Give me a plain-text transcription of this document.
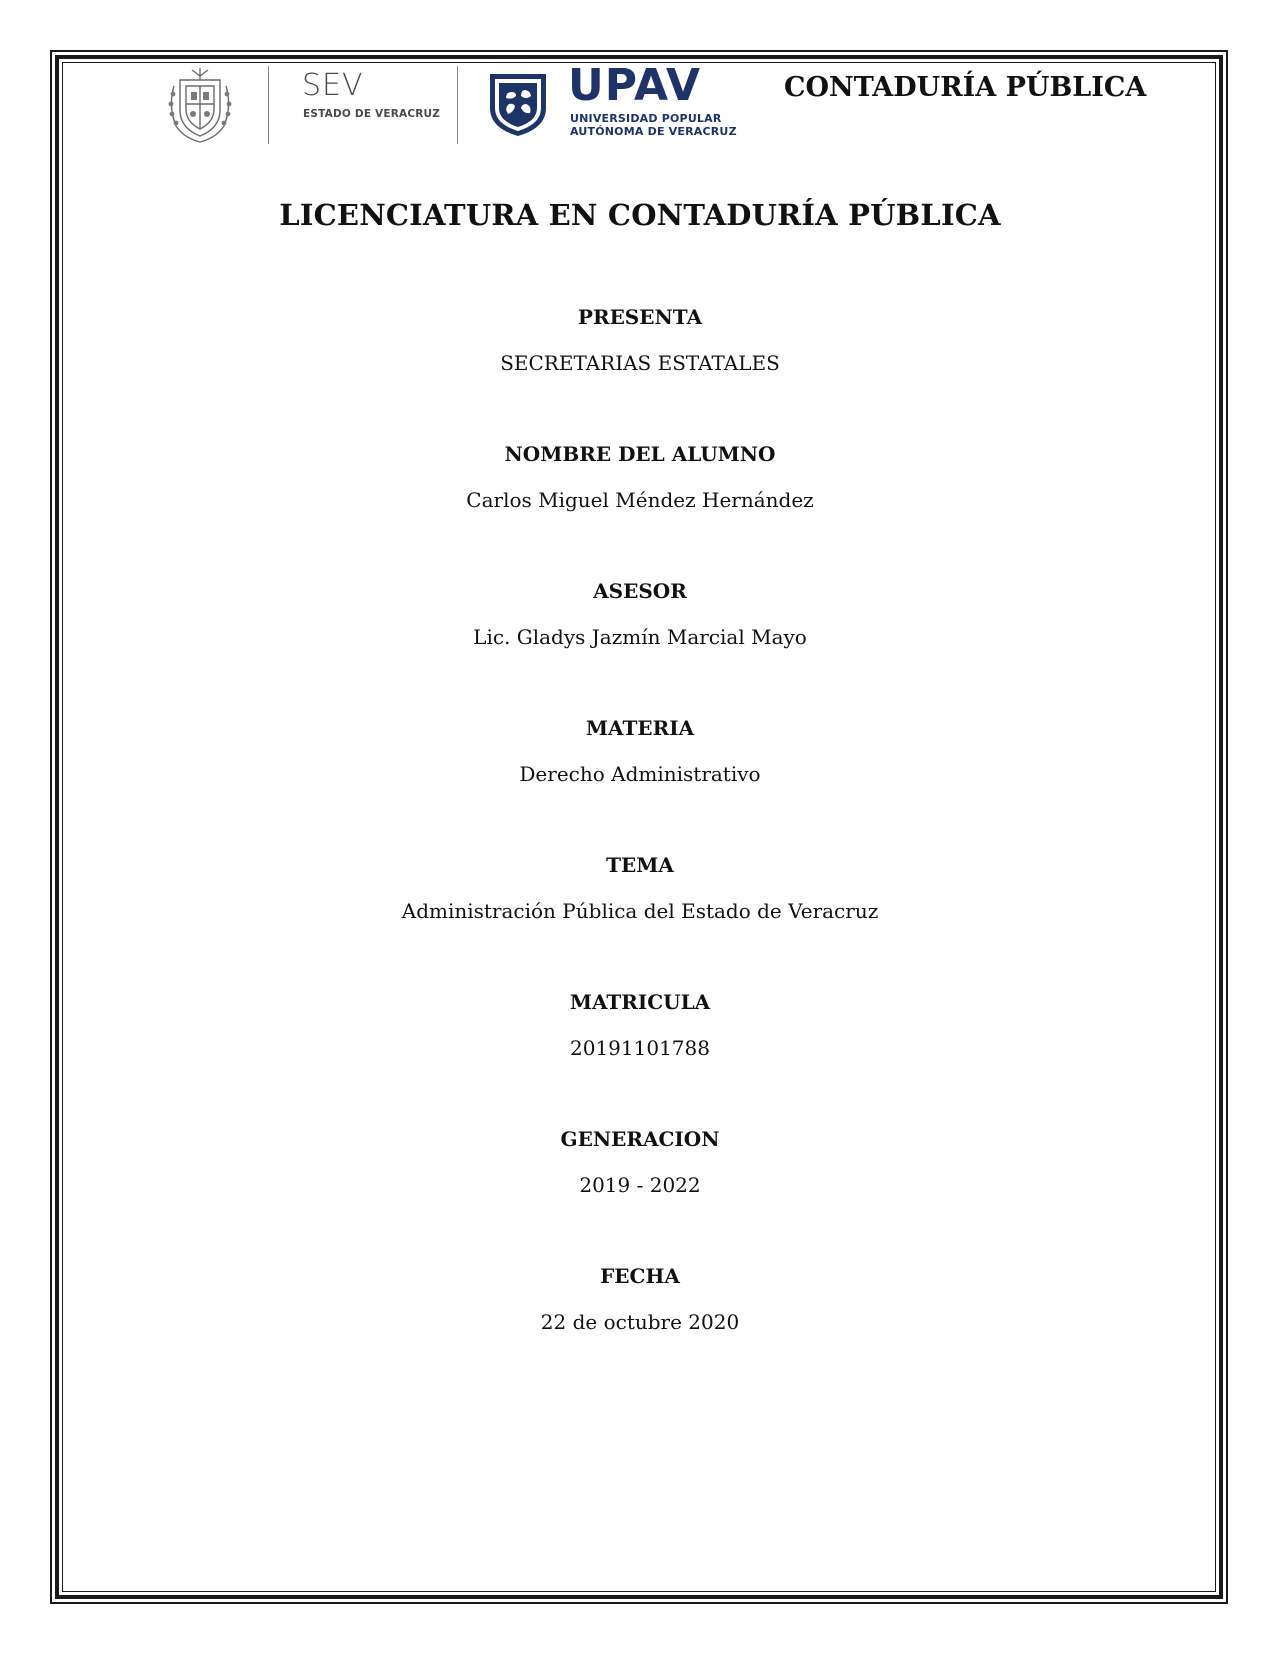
SEV
ESTADO DE VERACRUZ
UPAV
UNIVERSIDAD POPULAR
AUTÓNOMA DE VERACRUZ
CONTADURÍA PÚBLICA
LICENCIATURA EN CONTADURÍA PÚBLICA
PRESENTA
SECRETARIAS ESTATALES
NOMBRE DEL ALUMNO
Carlos Miguel Méndez Hernández
ASESOR
Lic. Gladys Jazmín Marcial Mayo
MATERIA
Derecho Administrativo
TEMA
Administración Pública del Estado de Veracruz
MATRICULA
20191101788
GENERACION
2019 - 2022
FECHA
22 de octubre 2020
